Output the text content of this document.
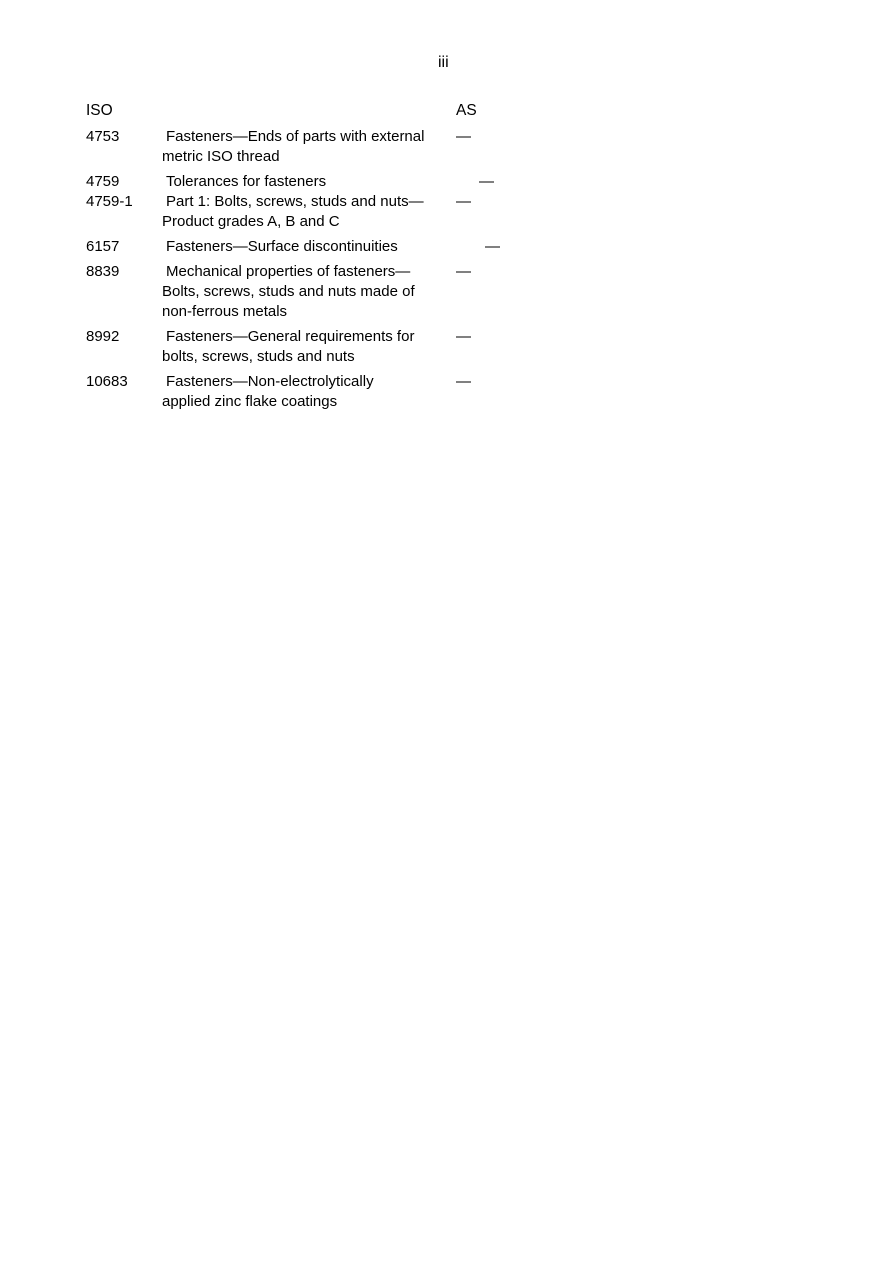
iii
ISO	AS
4753	Fasteners—Ends of parts with external
metric ISO thread
—
4759	Tolerances for fasteners	—
4759-1 Part 1: Bolts, screws, studs and nuts—
Product grades A, B and C
—
6157	Fasteners—Surface discontinuities	—
8839	Mechanical properties of fasteners—
Bolts, screws, studs and nuts made of
non-ferrous metals
—
8992	Fasteners—General requirements for
bolts, screws, studs and nuts
—
10683	Fasteners—Non-electrolytically
applied zinc flake coatings
—
